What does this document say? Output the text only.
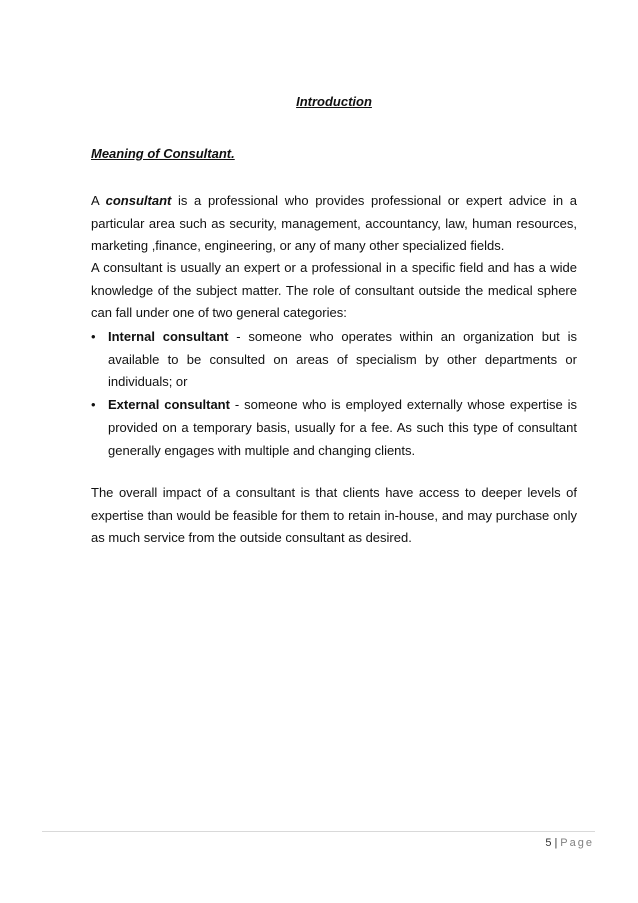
Introduction
Meaning of Consultant.

A consultant is a professional who provides professional or expert advice in a particular area such as security, management, accountancy, law, human resources, marketing ,finance, engineering, or any of many other specialized fields.

A consultant is usually an expert or a professional in a specific field and has a wide knowledge of the subject matter. The role of consultant outside the medical sphere can fall under one of two general categories:

• Internal consultant - someone who operates within an organization but is available to be consulted on areas of specialism by other departments or individuals; or
• External consultant - someone who is employed externally whose expertise is provided on a temporary basis, usually for a fee. As such this type of consultant generally engages with multiple and changing clients.

The overall impact of a consultant is that clients have access to deeper levels of expertise than would be feasible for them to retain in-house, and may purchase only as much service from the outside consultant as desired.

5 | Page
